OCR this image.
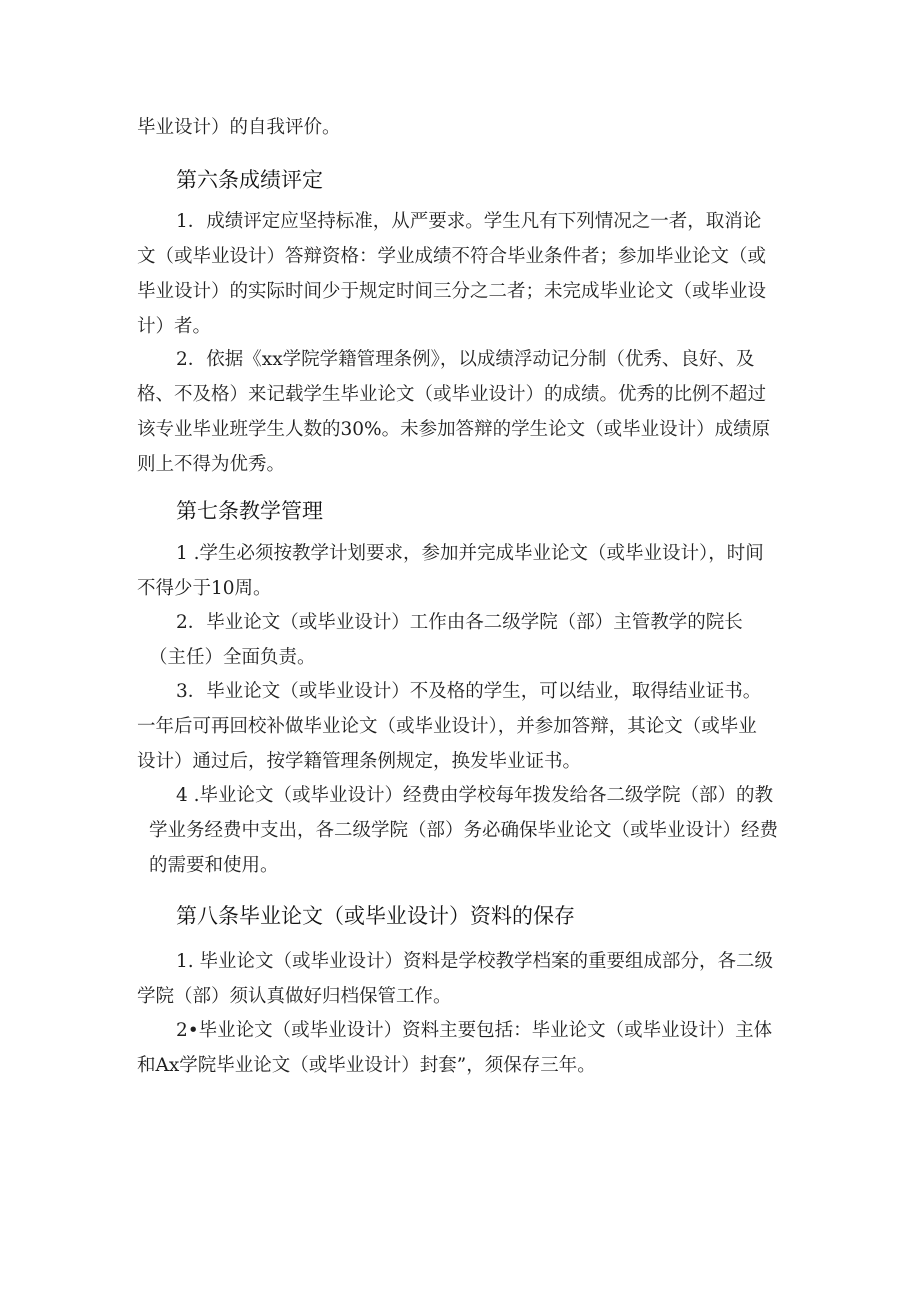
毕业设计）的自我评价。
第六条成绩评定
1．成绩评定应坚持标准，从严要求。学生凡有下列情况之一者，取消论
文（或毕业设计）答辩资格：学业成绩不符合毕业条件者；参加毕业论文（或
毕业设计）的实际时间少于规定时间三分之二者；未完成毕业论文（或毕业设
计）者。
2．依据《xx学院学籍管理条例》，以成绩浮动记分制（优秀、良好、及
格、不及格）来记载学生毕业论文（或毕业设计）的成绩。优秀的比例不超过
该专业毕业班学生人数的30%。未参加答辩的学生论文（或毕业设计）成绩原
则上不得为优秀。
第七条教学管理
1 .学生必须按教学计划要求，参加并完成毕业论文（或毕业设计），时间
不得少于10周。
2．毕业论文（或毕业设计）工作由各二级学院（部）主管教学的院长
（主任）全面负责。
3．毕业论文（或毕业设计）不及格的学生，可以结业，取得结业证书。
一年后可再回校补做毕业论文（或毕业设计），并参加答辩，其论文（或毕业
设计）通过后，按学籍管理条例规定，换发毕业证书。
4 .毕业论文（或毕业设计）经费由学校每年拨发给各二级学院（部）的教
学业务经费中支出，各二级学院（部）务必确保毕业论文（或毕业设计）经费
的需要和使用。
第八条毕业论文（或毕业设计）资料的保存
1. 毕业论文（或毕业设计）资料是学校教学档案的重要组成部分，各二级
学院（部）须认真做好归档保管工作。
2•毕业论文（或毕业设计）资料主要包括：毕业论文（或毕业设计）主体
和Ax学院毕业论文（或毕业设计）封套”，须保存三年。
